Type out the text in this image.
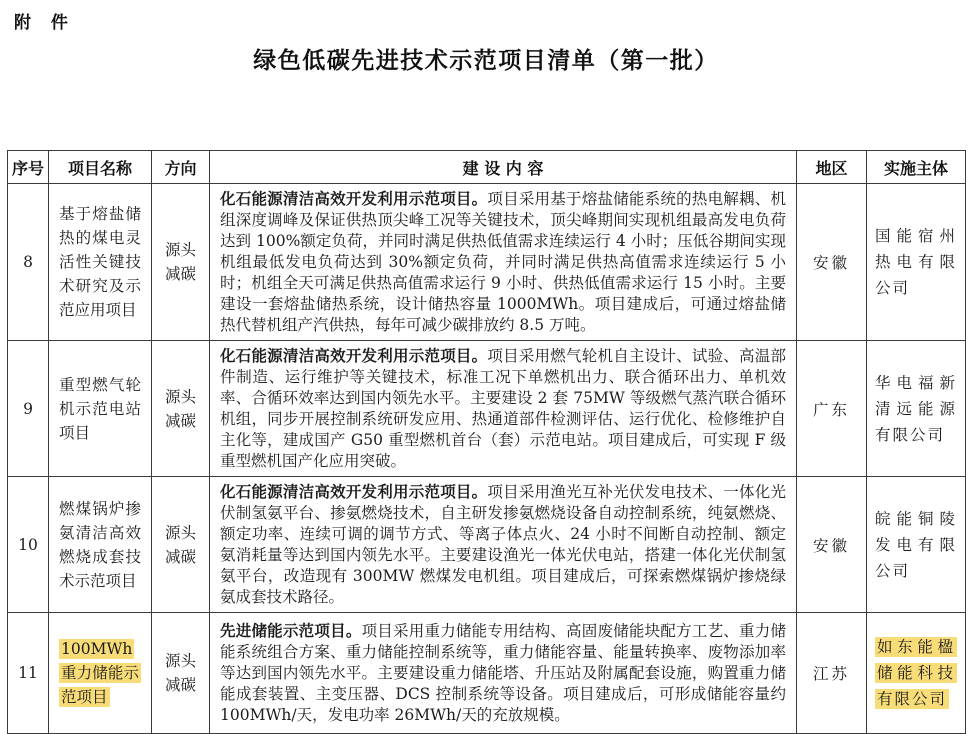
附 件
绿色低碳先进技术示范项目清单（第一批）
序号	项目名称	方向	建 设 内 容	地区	实施主体
8	基于熔盐储热的煤电灵活性关键技术研究及示范应用项目	源头减碳	化石能源清洁高效开发利用示范项目。项目采用基于熔盐储能系统的热电解耦、机组深度调峰及保证供热顶尖峰工况等关键技术，顶尖峰期间实现机组最高发电负荷达到 100%额定负荷，并同时满足供热低值需求连续运行 4 小时；压低谷期间实现机组最低发电负荷达到 30%额定负荷，并同时满足供热高值需求连续运行 5 小时；机组全天可满足供热高值需求运行 9 小时、供热低值需求运行 15 小时。主要建设一套熔盐储热系统，设计储热容量 1000MWh。项目建成后，可通过熔盐储热代替机组产汽供热，每年可减少碳排放约 8.5 万吨。	安徽	国能宿州热电有限公司
9	重型燃气轮机示范电站项目	源头减碳	化石能源清洁高效开发利用示范项目。项目采用燃气轮机自主设计、试验、高温部件制造、运行维护等关键技术，标准工况下单燃机出力、联合循环出力、单机效率、合循环效率达到国内领先水平。主要建设 2 套 75MW 等级燃气蒸汽联合循环机组，同步开展控制系统研发应用、热通道部件检测评估、运行优化、检修维护自主化等，建成国产 G50 重型燃机首台（套）示范电站。项目建成后，可实现 F 级重型燃机国产化应用突破。	广东	华电福新清远能源有限公司
10	燃煤锅炉掺氨清洁高效燃烧成套技术示范项目	源头减碳	化石能源清洁高效开发利用示范项目。项目采用渔光互补光伏发电技术、一体化光伏制氢氨平台、掺氨燃烧技术，自主研发掺氨燃烧设备自动控制系统，纯氨燃烧、额定功率、连续可调的调节方式、等离子体点火、24 小时不间断自动控制、额定氨消耗量等达到国内领先水平。主要建设渔光一体光伏电站，搭建一体化光伏制氢氨平台，改造现有 300MW 燃煤发电机组。项目建成后，可探索燃煤锅炉掺烧绿氨成套技术路径。	安徽	皖能铜陵发电有限公司
11	100MWh 重力储能示范项目	源头减碳	先进储能示范项目。项目采用重力储能专用结构、高固废储能块配方工艺、重力储能系统组合方案、重力储能控制系统等，重力储能容量、能量转换率、废物添加率等达到国内领先水平。主要建设重力储能塔、升压站及附属配套设施，购置重力储能成套装置、主变压器、DCS 控制系统等设备。项目建成后，可形成储能容量约 100MWh/天，发电功率 26MWh/天的充放规模。	江苏	如东能楹储能科技有限公司
